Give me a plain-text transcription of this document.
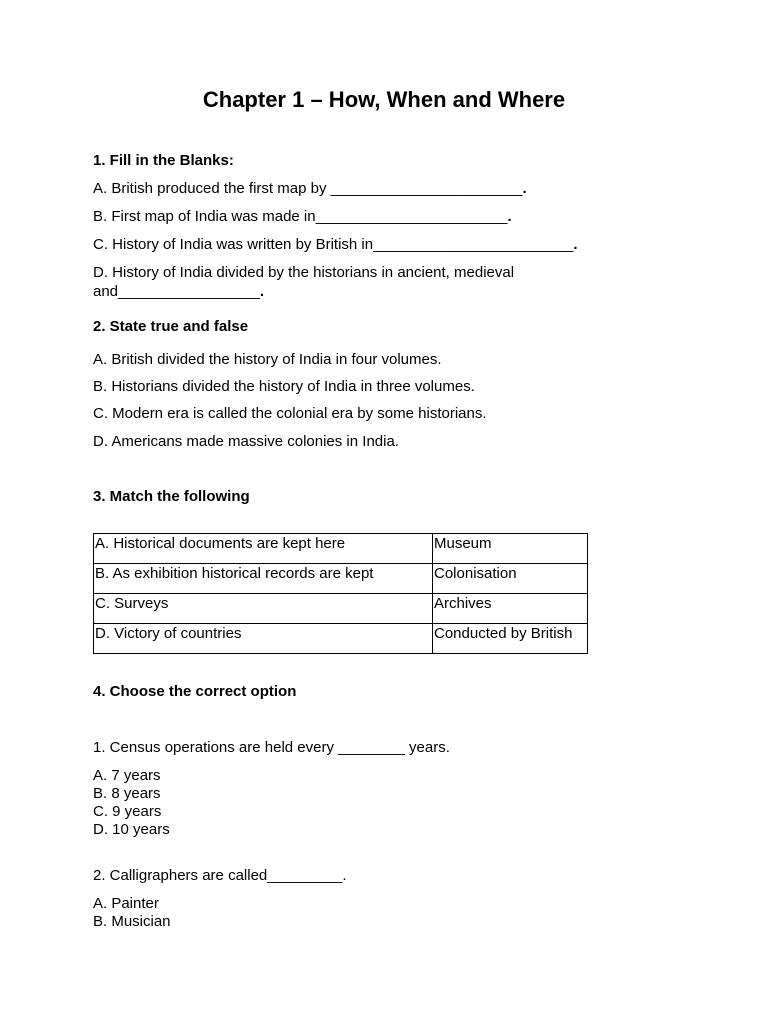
Chapter 1 – How, When and Where

1. Fill in the Blanks:

A. British produced the first map by _______________________.

B. First map of India was made in_______________________.

C. History of India was written by British in________________________.

D. History of India divided by the historians in ancient, medieval

and_________________.

2. State true and false

A. British divided the history of India in four volumes.

B. Historians divided the history of India in three volumes.

C. Modern era is called the colonial era by some historians.

D. Americans made massive colonies in India.

3. Match the following

A. Historical documents are kept here	Museum
B. As exhibition historical records are kept	Colonisation
C. Surveys	Archives
D. Victory of countries	Conducted by British

4. Choose the correct option

1. Census operations are held every ________ years.

A. 7 years

B. 8 years

C. 9 years

D. 10 years

2. Calligraphers are called_________.

A. Painter

B. Musician
